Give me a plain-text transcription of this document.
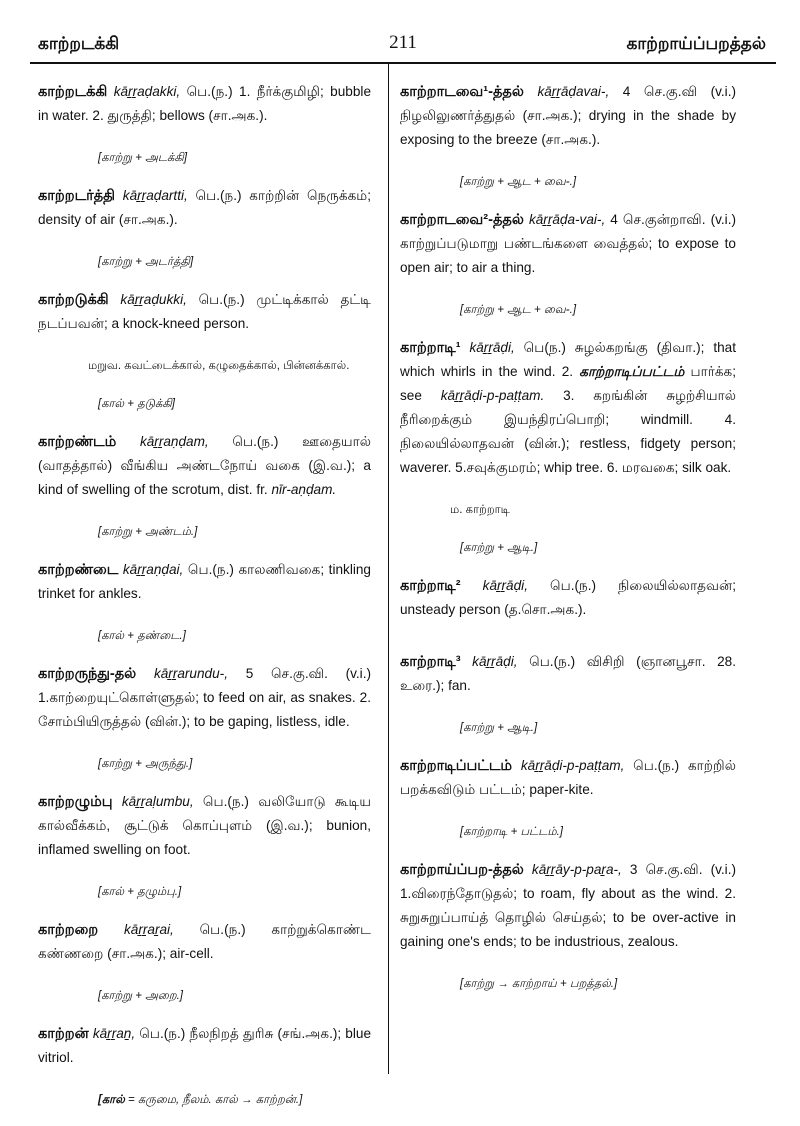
காற்றடக்கி	211	காற்றாய்ப்பறத்தல்

காற்றடக்கி kāṟṟaḍakki, பெ.(ந.) 1. நீர்க்குமிழி; bubble in water. 2. துருத்தி; bellows (சா.அக.).

[காற்று + அடக்கி]

காற்றடர்த்தி kāṟṟaḍartti, பெ.(ந.) காற்றின் நெருக்கம்; density of air (சா.அக.).

[காற்று + அடர்த்தி]

காற்றடுக்கி kāṟṟaḍukki, பெ.(ந.) முட்டிக்கால் தட்டி நடப்பவன்; a knock-kneed person.

மறுவ. கவட்டைக்கால், கழுதைக்கால், பின்னக்கால்.
[கால் + தடுக்கி]

காற்றண்டம் kāṟṟaṇḍam, பெ.(ந.) ஊதையால் (வாதத்தால்) வீங்கிய அண்டநோய் வகை (இ.வ.); a kind of swelling of the scrotum, dist. fr. nīr-aṇḍam.

[காற்று + அண்டம்.]

காற்றண்டை kāṟṟaṇḍai, பெ.(ந.) காலணிவகை; tinkling trinket for ankles.

[கால் + தண்டை.]

காற்றருந்து-தல் kāṟṟarundu-, 5 செ.கு.வி. (v.i.) 1.காற்றையுட்கொள்ளுதல்; to feed on air, as snakes. 2. சோம்பியிருத்தல் (வின்.); to be gaping, listless, idle.

[காற்று + அருந்து.]

காற்றழும்பு kāṟṟaḷumbu, பெ.(ந.) வலியோடு கூடிய கால்வீக்கம், சூட்டுக் கொப்புளம் (இ.வ.); bunion, inflamed swelling on foot.

[கால் + தழும்பு.]

காற்றறை kāṟṟaṟai, பெ.(ந.) காற்றுக்கொண்ட கண்ணறை (சா.அக.); air-cell.

[காற்று + அறை.]

காற்றன் kāṟṟaṉ, பெ.(ந.) நீலநிறத் துரிசு (சங்.அக.); blue vitriol.

[கால் = கருமை, நீலம். கால் → காற்றன்.]

காற்றாடவை¹-த்தல் kāṟṟāḍavai-, 4 செ.கு.வி (v.i.) நிழலிலுணர்த்துதல் (சா.அக.); drying in the shade by exposing to the breeze (சா.அக.).

[காற்று + ஆட + வை-.]

காற்றாடவை²-த்தல் kāṟṟāḍa-vai-, 4 செ.குன்றாவி. (v.i.) காற்றுப்படுமாறு பண்டங்களை வைத்தல்; to expose to open air; to air a thing.

[காற்று + ஆட + வை-.]

காற்றாடி¹ kāṟṟāḍi, பெ(ந.) சுழல்கறங்கு (திவா.); that which whirls in the wind. 2. காற்றாடிப்பட்டம் பார்க்க; see kāṟṟāḍi-p-paṭṭam. 3. கறங்கின் சுழற்சியால் நீரிறைக்கும் இயந்திரப்பொறி; windmill. 4. நிலையில்லாதவன் (வின்.); restless, fidgety person; waverer. 5.சவுக்குமரம்; whip tree. 6. மரவகை; silk oak.

ம. காற்றாடி
[காற்று + ஆடி.]

காற்றாடி² kāṟṟāḍi, பெ.(ந.) நிலையில்லாதவன்; unsteady person (த.சொ.அக.).

காற்றாடி³ kāṟṟāḍi, பெ.(ந.) விசிறி (ஞானபூசா. 28. உரை.); fan.

[காற்று + ஆடி.]

காற்றாடிப்பட்டம் kāṟṟāḍi-p-paṭṭam, பெ.(ந.) காற்றில் பறக்கவிடும் பட்டம்; paper-kite.

[காற்றாடி + பட்டம்.]

காற்றாய்ப்பற-த்தல் kāṟṟāy-p-paṟa-, 3 செ.கு.வி. (v.i.) 1.விரைந்தோடுதல்; to roam, fly about as the wind. 2. சுறுசுறுப்பாய்த் தொழில் செய்தல்; to be over-active in gaining one's ends; to be industrious, zealous.

[காற்று → காற்றாய் + பறத்தல்.]
